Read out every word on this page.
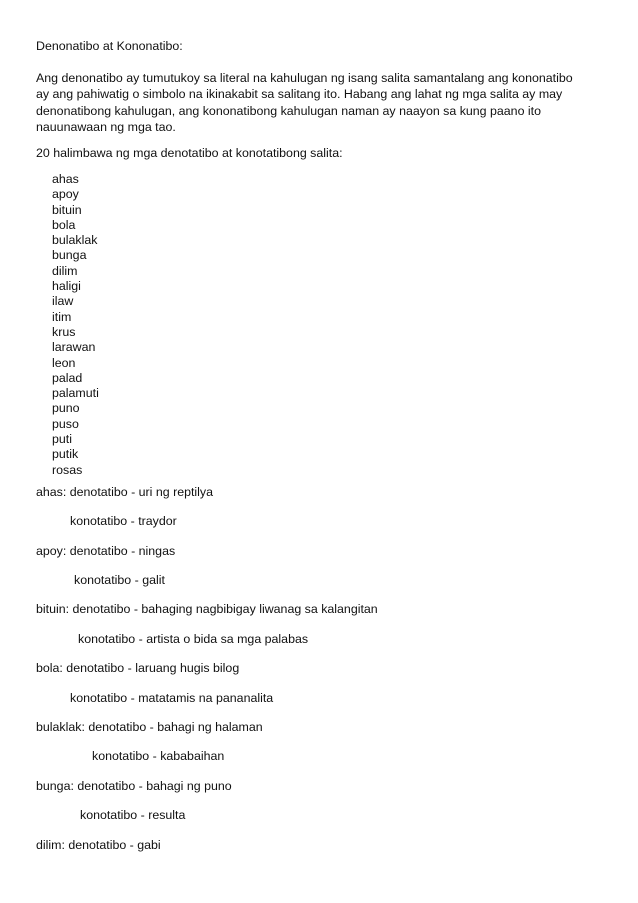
Denonatibo at Kononatibo:

Ang denonatibo ay tumutukoy sa literal na kahulugan ng isang salita samantalang ang kononatibo
ay ang pahiwatig o simbolo na ikinakabit sa salitang ito. Habang ang lahat ng mga salita ay may
denonatibong kahulugan, ang kononatibong kahulugan naman ay naayon sa kung paano ito
nauunawaan ng mga tao.

20 halimbawa ng mga denotatibo at konotatibong salita:
ahas
apoy
bituin
bola
bulaklak
bunga
dilim
haligi
ilaw
itim
krus
larawan
leon
palad
palamuti
puno
puso
puti
putik
rosas
ahas: denotatibo - uri ng reptilya
konotatibo - traydor
apoy: denotatibo - ningas
konotatibo - galit
bituin: denotatibo - bahaging nagbibigay liwanag sa kalangitan
konotatibo - artista o bida sa mga palabas
bola: denotatibo - laruang hugis bilog
konotatibo - matatamis na pananalita
bulaklak: denotatibo - bahagi ng halaman
konotatibo - kababaihan
bunga: denotatibo - bahagi ng puno
konotatibo - resulta
dilim: denotatibo - gabi
